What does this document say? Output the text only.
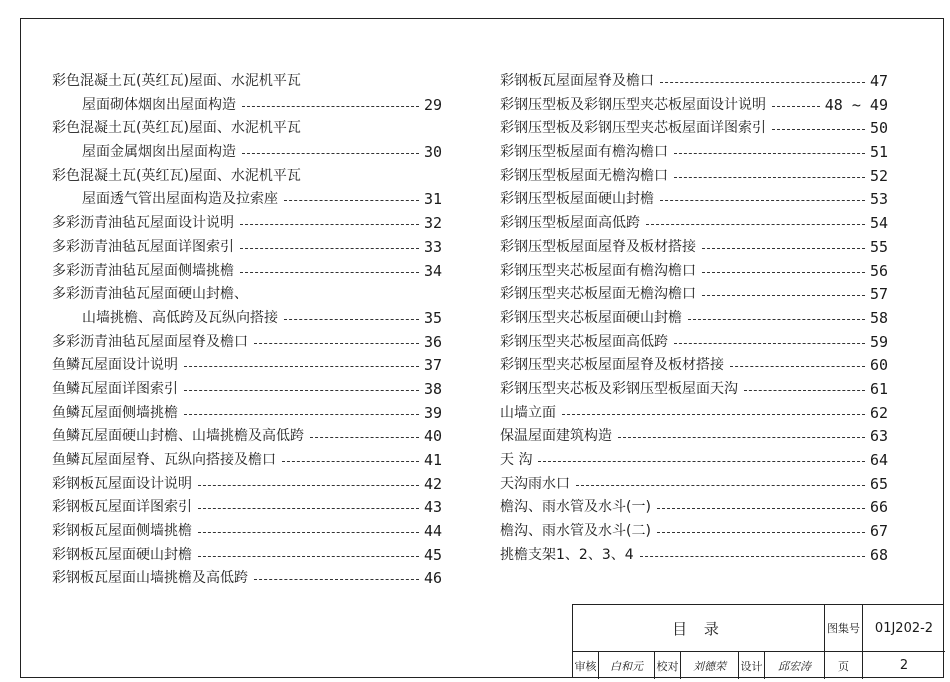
彩色混凝土瓦(英红瓦)屋面、水泥机平瓦
屋面砌体烟囱出屋面构造	29
彩色混凝土瓦(英红瓦)屋面、水泥机平瓦
屋面金属烟囱出屋面构造	30
彩色混凝土瓦(英红瓦)屋面、水泥机平瓦
屋面透气管出屋面构造及拉索座	31
多彩沥青油毡瓦屋面设计说明	32
多彩沥青油毡瓦屋面详图索引	33
多彩沥青油毡瓦屋面侧墙挑檐	34
多彩沥青油毡瓦屋面硬山封檐、
山墙挑檐、高低跨及瓦纵向搭接	35
多彩沥青油毡瓦屋面屋脊及檐口	36
鱼鳞瓦屋面设计说明	37
鱼鳞瓦屋面详图索引	38
鱼鳞瓦屋面侧墙挑檐	39
鱼鳞瓦屋面硬山封檐、山墙挑檐及高低跨	40
鱼鳞瓦屋面屋脊、瓦纵向搭接及檐口	41
彩钢板瓦屋面设计说明	42
彩钢板瓦屋面详图索引	43
彩钢板瓦屋面侧墙挑檐	44
彩钢板瓦屋面硬山封檐	45
彩钢板瓦屋面山墙挑檐及高低跨	46
彩钢板瓦屋面屋脊及檐口	47
彩钢压型板及彩钢压型夹芯板屋面设计说明	48 ~ 49
彩钢压型板及彩钢压型夹芯板屋面详图索引	50
彩钢压型板屋面有檐沟檐口	51
彩钢压型板屋面无檐沟檐口	52
彩钢压型板屋面硬山封檐	53
彩钢压型板屋面高低跨	54
彩钢压型板屋面屋脊及板材搭接	55
彩钢压型夹芯板屋面有檐沟檐口	56
彩钢压型夹芯板屋面无檐沟檐口	57
彩钢压型夹芯板屋面硬山封檐	58
彩钢压型夹芯板屋面高低跨	59
彩钢压型夹芯板屋面屋脊及板材搭接	60
彩钢压型夹芯板及彩钢压型板屋面天沟	61
山墙立面	62
保温屋面建筑构造	63
天 沟	64
天沟雨水口	65
檐沟、雨水管及水斗(一)	66
檐沟、雨水管及水斗(二)	67
挑檐支架1、2、3、4	68
目 录	图集号	01J202-2
审核	白和元	校对	刘德荣	设计	邱宏涛	页	2
